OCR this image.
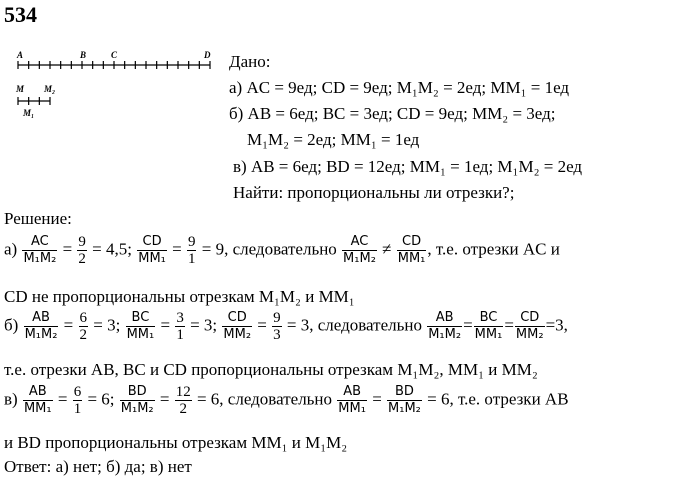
534
A	B	C	D
M M₂
M₁
Дано:
а) AC = 9ед; CD = 9ед; M₁M₂ = 2ед; MM₁ = 1ед
б) AB = 6ед; BC = 3ед; CD = 9ед; MM₂ = 3ед;
M₁M₂ = 2ед; MM₁ = 1ед
в) AB = 6ед; BD = 12ед; MM₁ = 1ед; M₁M₂ = 2ед
Найти: пропорциональны ли отрезки?;
Решение:
$а) \frac{AC}{\text{M₁M₂}} = \frac{9}{2} = 4,5$; $\frac{CD}{\text{MM₁}} = \frac{9}{1} = 9$, следовательно $\frac{AC}{\text{M₁M₂}} \ne \frac{CD}{\text{MM₁}}$ , т.е. отрезки AC и
CD не пропорциональны отрезкам M₁M₂ и MM₁
$б) \frac{AB}{\text{M₁M₂}} = \frac{6}{2} = 3$; $\frac{BC}{\text{MM₁}} = \frac{3}{1} = 3$; $\frac{CD}{\text{MM₂}} = \frac{9}{3} = 3$, следовательно $\frac{AB}{\text{M₁M₂}} = \frac{BC}{\text{MM₁}} = \frac{CD}{\text{MM₂}} =3$,
т.е. отрезки AB, BC и CD пропорциональны отрезкам M₁M₂, MM₁ и MM₂
$в) \frac{AB}{\text{MM₁}} = \frac{6}{1} = 6$; $\frac{BD}{\text{M₁M₂}} = \frac{12}{2} = 6$, следовательно $\frac{AB}{\text{MM₁}} = \frac{BD}{\text{M₁M₂}} = 6$, т.е. отрезки AB
и BD пропорциональны отрезкам MM₁ и M₁M₂
Ответ: а) нет; б) да; в) нет
